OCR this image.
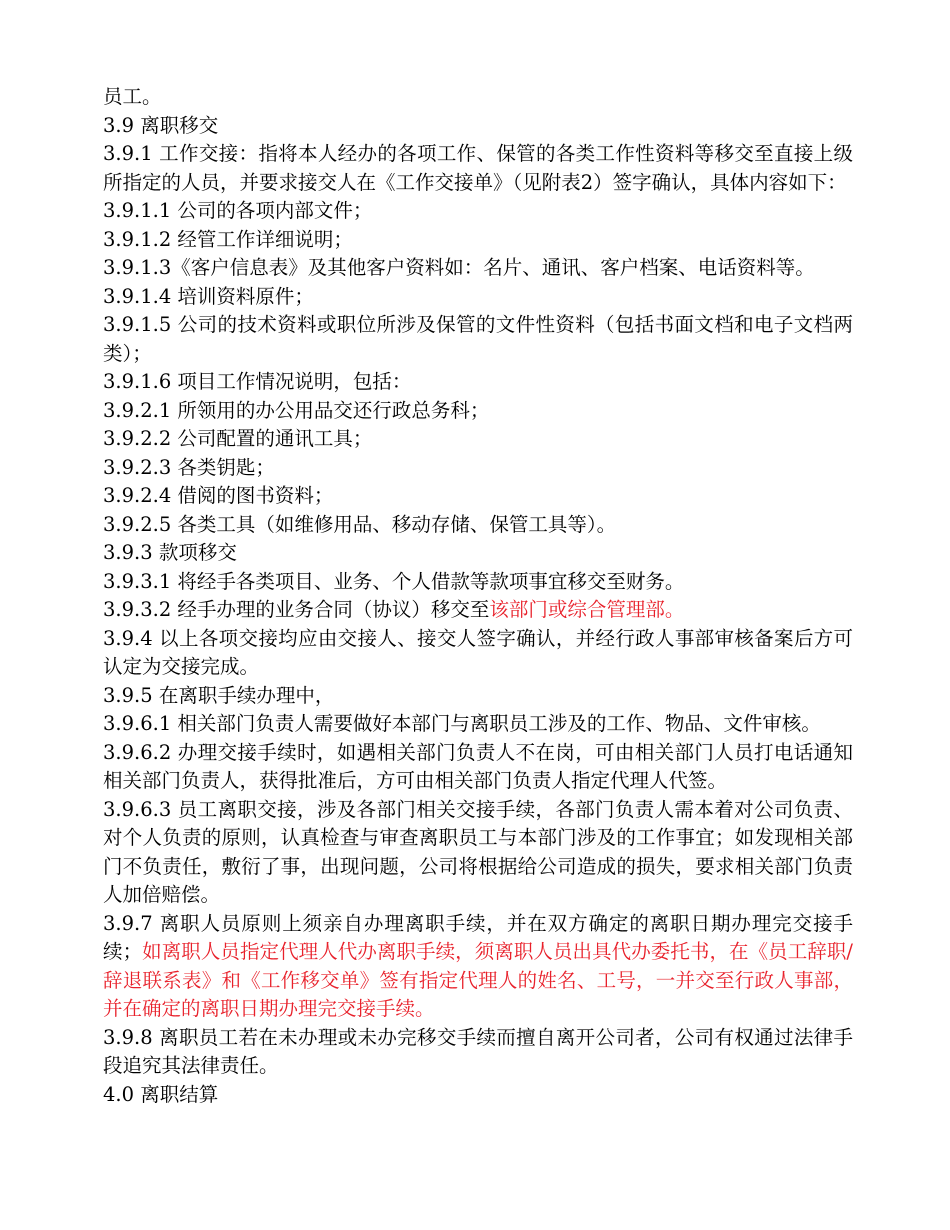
员工。

3.9 离职移交

3.9.1 工作交接：指将本人经办的各项工作、保管的各类工作性资料等移交至直接上级所指定的人员，并要求接交人在《工作交接单》（见附表2）签字确认，具体内容如下：

3.9.1.1 公司的各项内部文件；

3.9.1.2 经管工作详细说明；

3.9.1.3《客户信息表》及其他客户资料如：名片、通讯、客户档案、电话资料等。

3.9.1.4 培训资料原件；

3.9.1.5 公司的技术资料或职位所涉及保管的文件性资料（包括书面文档和电子文档两类）；

3.9.1.6 项目工作情况说明，包括：

3.9.2.1 所领用的办公用品交还行政总务科；

3.9.2.2 公司配置的通讯工具；

3.9.2.3 各类钥匙；

3.9.2.4 借阅的图书资料；

3.9.2.5 各类工具（如维修用品、移动存储、保管工具等）。

3.9.3 款项移交

3.9.3.1 将经手各类项目、业务、个人借款等款项事宜移交至财务。

3.9.3.2 经手办理的业务合同（协议）移交至该部门或综合管理部。

3.9.4 以上各项交接均应由交接人、接交人签字确认，并经行政人事部审核备案后方可认定为交接完成。

3.9.5 在离职手续办理中，

3.9.6.1 相关部门负责人需要做好本部门与离职员工涉及的工作、物品、文件审核。

3.9.6.2 办理交接手续时，如遇相关部门负责人不在岗，可由相关部门人员打电话通知相关部门负责人，获得批准后，方可由相关部门负责人指定代理人代签。

3.9.6.3 员工离职交接，涉及各部门相关交接手续，各部门负责人需本着对公司负责、对个人负责的原则，认真检查与审查离职员工与本部门涉及的工作事宜；如发现相关部门不负责任，敷衍了事，出现问题，公司将根据给公司造成的损失，要求相关部门负责人加倍赔偿。

3.9.7 离职人员原则上须亲自办理离职手续，并在双方确定的离职日期办理完交接手续；如离职人员指定代理人代办离职手续，须离职人员出具代办委托书，在《员工辞职/辞退联系表》和《工作移交单》签有指定代理人的姓名、工号，一并交至行政人事部，并在确定的离职日期办理完交接手续。

3.9.8 离职员工若在未办理或未办完移交手续而擅自离开公司者，公司有权通过法律手段追究其法律责任。

4.0 离职结算
